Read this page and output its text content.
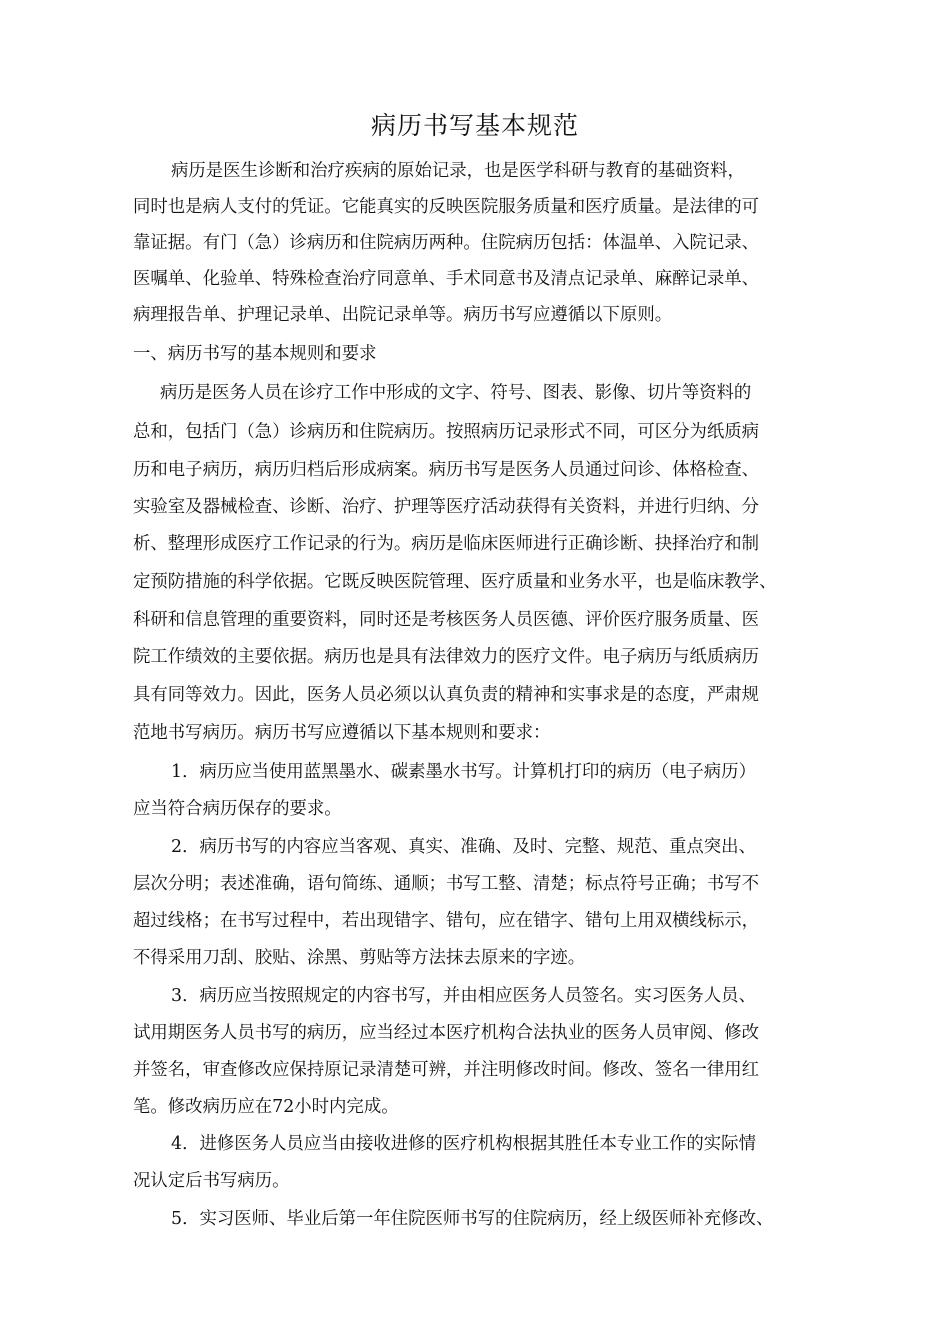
病历书写基本规范

病历是医生诊断和治疗疾病的原始记录，也是医学科研与教育的基础资料，

同时也是病人支付的凭证。它能真实的反映医院服务质量和医疗质量。是法律的可

靠证据。有门（急）诊病历和住院病历两种。住院病历包括：体温单、入院记录、

医嘱单、化验单、特殊检查治疗同意单、手术同意书及清点记录单、麻醉记录单、

病理报告单、护理记录单、出院记录单等。病历书写应遵循以下原则。

一、病历书写的基本规则和要求

病历是医务人员在诊疗工作中形成的文字、符号、图表、影像、切片等资料的

总和，包括门（急）诊病历和住院病历。按照病历记录形式不同，可区分为纸质病

历和电子病历，病历归档后形成病案。病历书写是医务人员通过问诊、体格检查、

实验室及器械检查、诊断、治疗、护理等医疗活动获得有关资料，并进行归纳、分

析、整理形成医疗工作记录的行为。病历是临床医师进行正确诊断、抉择治疗和制

定预防措施的科学依据。它既反映医院管理、医疗质量和业务水平，也是临床教学、

科研和信息管理的重要资料，同时还是考核医务人员医德、评价医疗服务质量、医

院工作绩效的主要依据。病历也是具有法律效力的医疗文件。电子病历与纸质病历

具有同等效力。因此，医务人员必须以认真负责的精神和实事求是的态度，严肃规

范地书写病历。病历书写应遵循以下基本规则和要求：

1．病历应当使用蓝黑墨水、碳素墨水书写。计算机打印的病历（电子病历）

应当符合病历保存的要求。

2．病历书写的内容应当客观、真实、准确、及时、完整、规范、重点突出、

层次分明；表述准确，语句简练、通顺；书写工整、清楚；标点符号正确；书写不

超过线格；在书写过程中，若出现错字、错句，应在错字、错句上用双横线标示，

不得采用刀刮、胶贴、涂黑、剪贴等方法抹去原来的字迹。

3．病历应当按照规定的内容书写，并由相应医务人员签名。实习医务人员、

试用期医务人员书写的病历，应当经过本医疗机构合法执业的医务人员审阅、修改

并签名，审查修改应保持原记录清楚可辨，并注明修改时间。修改、签名一律用红

笔。修改病历应在72小时内完成。

4．进修医务人员应当由接收进修的医疗机构根据其胜任本专业工作的实际情

况认定后书写病历。

5．实习医师、毕业后第一年住院医师书写的住院病历，经上级医师补充修改、
